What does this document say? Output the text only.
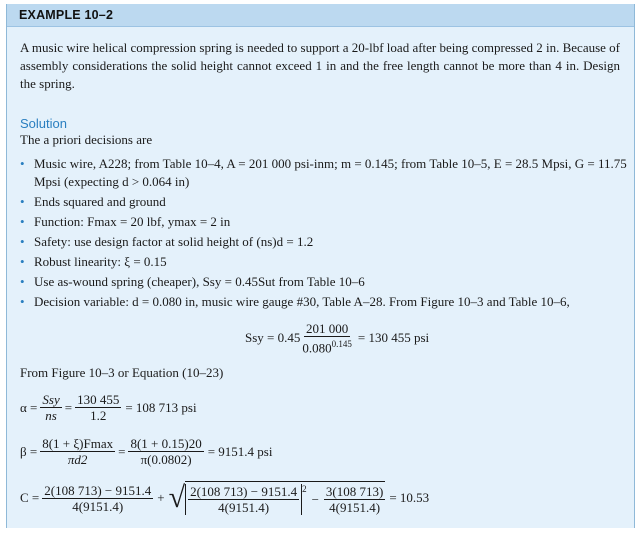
EXAMPLE 10–2
A music wire helical compression spring is needed to support a 20-lbf load after being compressed 2 in. Because of assembly considerations the solid height cannot exceed 1 in and the free length cannot be more than 4 in. Design the spring.
Solution
The a priori decisions are
• Music wire, A228; from Table 10–4, A = 201 000 psi-inm; m = 0.145; from Table 10–5, E = 28.5 Mpsi, G = 11.75 Mpsi (expecting d > 0.064 in)
• Ends squared and ground
• Function: Fmax = 20 lbf, ymax = 2 in
• Safety: use design factor at solid height of (ns)d = 1.2
• Robust linearity: ξ = 0.15
• Use as-wound spring (cheaper), Ssy = 0.45Sut from Table 10–6
• Decision variable: d = 0.080 in, music wire gauge #30, Table A–28. From Figure 10–3 and Table 10–6,
Ssy = $0.45 \frac{201 000}{0.080^{0.145}} = 130$ 455 psi
From Figure 10–3 or Equation (10–23)
$\alpha = \frac{\text{Ssy}}{ns} = \frac{130 455}{1.2} = 108$ 713 psi
$\beta = \frac{8(1 + \xi)Fmax}{\pi d2} = \frac{8(1 + 0.15)20}{\pi(0.0802)} = 9151.4$ psi
$C = \frac{2(108 713) - 9151.4}{4(9151.4)}$ + √ $\frac{2(108 713) - 9151.4}{4(9151.4)} ^2$
− $\frac{3(108 713)}{4(9151.4)} = 10.53$
